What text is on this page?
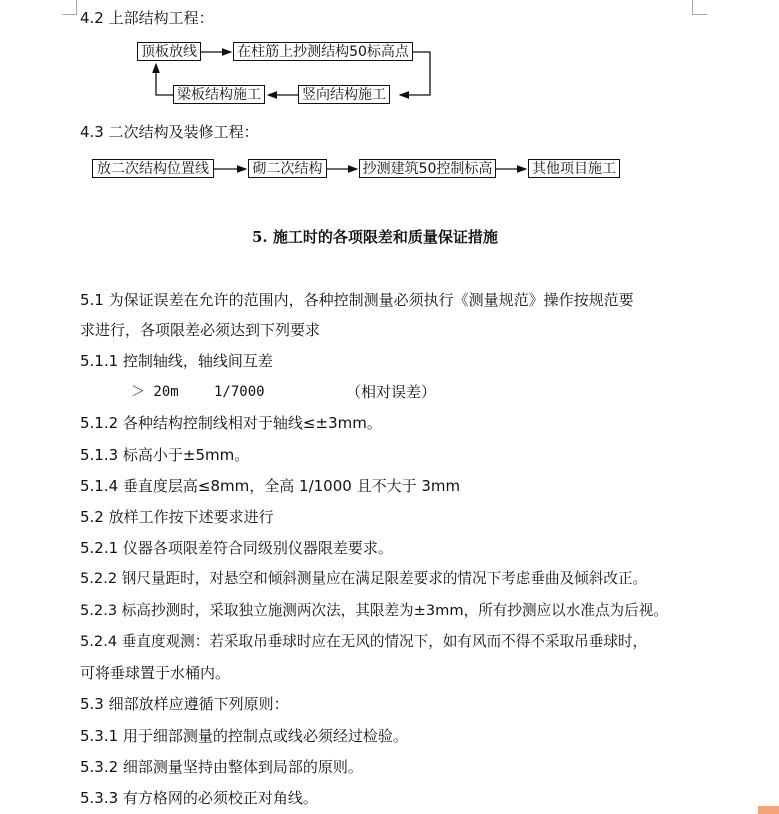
4.2 上部结构工程：
顶板放线	在柱筋上抄测结构50标高点
竖向结构施工
梁板结构施工
4.3 二次结构及装修工程：
放二次结构位置线	砌二次结构	抄测建筑50控制标高	其他项目施工
5. 施工时的各项限差和质量保证措施
5.1 为保证误差在允许的范围内，各种控制测量必须执行《测量规范》操作按规范要
求进行，各项限差必须达到下列要求
5.1.1 控制轴线，轴线间互差
＞ 20m	1/7000	（相对误差）
5.1.2 各种结构控制线相对于轴线≤±3mm。
5.1.3 标高小于±5mm。
5.1.4 垂直度层高≤8mm，全高 1/1000 且不大于 3mm
5.2 放样工作按下述要求进行
5.2.1 仪器各项限差符合同级别仪器限差要求。
5.2.2 钢尺量距时，对悬空和倾斜测量应在满足限差要求的情况下考虑垂曲及倾斜改正。
5.2.3 标高抄测时，采取独立施测两次法，其限差为±3mm，所有抄测应以水准点为后视。
5.2.4 垂直度观测：若采取吊垂球时应在无风的情况下，如有风而不得不采取吊垂球时，
可将垂球置于水桶内。
5.3 细部放样应遵循下列原则：
5.3.1 用于细部测量的控制点或线必须经过检验。
5.3.2 细部测量坚持由整体到局部的原则。
5.3.3 有方格网的必须校正对角线。
